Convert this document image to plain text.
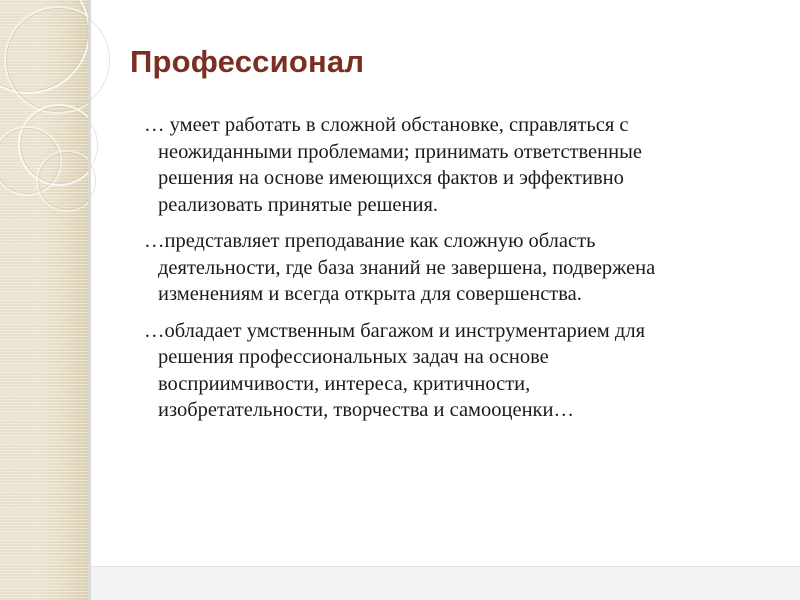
Профессионал

… умеет работать в сложной обстановке, справляться с неожиданными проблемами; принимать ответственные решения на основе имеющихся фактов и эффективно реализовать принятые решения.

…представляет преподавание как сложную область деятельности, где база знаний не завершена, подвержена изменениям и всегда открыта для совершенства.

…обладает умственным багажом и инструментарием для решения профессиональных задач на основе восприимчивости, интереса, критичности, изобретательности, творчества и самооценки…
